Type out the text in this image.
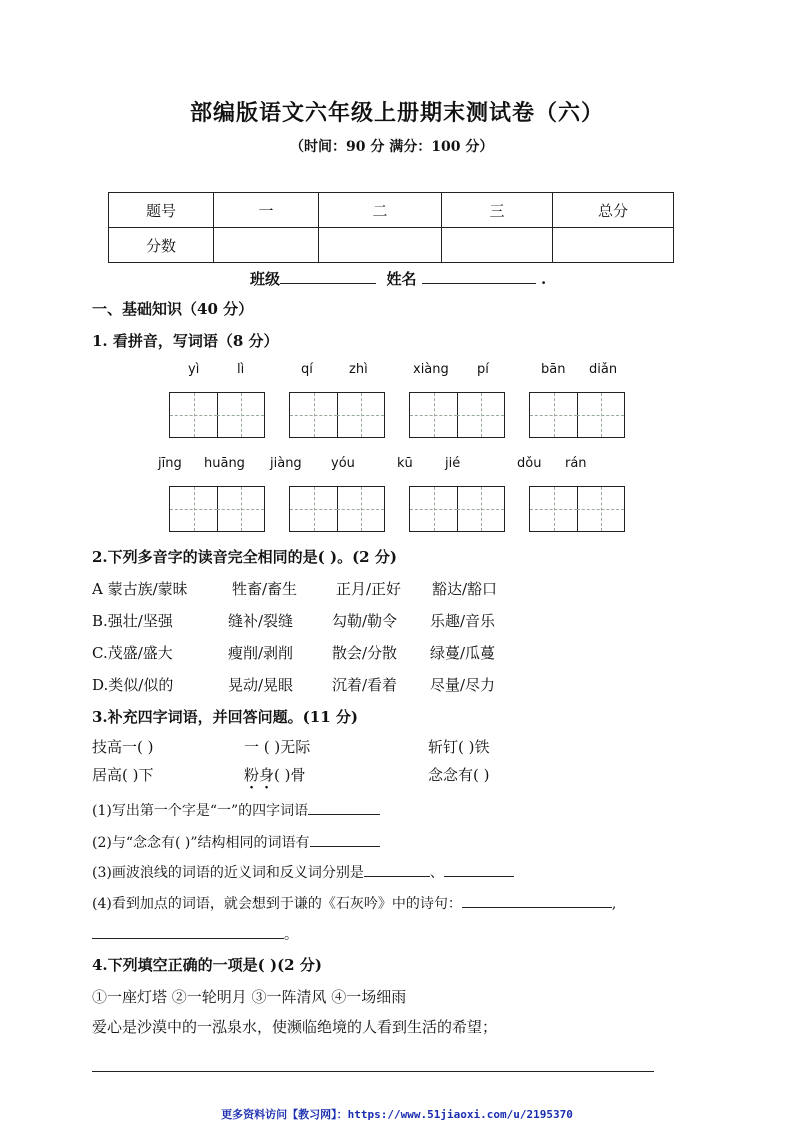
部编版语文六年级上册期末测试卷（六）
（时间：90 分 满分：100 分）
题号	一	二	三	总分
分数				
班级	姓名	.
一、基础知识（40 分）
1. 看拼音，写词语（8 分）
yì	lì	qí	zhì	xiàng pí	bān diǎn
jīng huāng jiàng yóu	kū jié	dǒu rán
2.下列多音字的读音完全相同的是( )。(2 分)
A 蒙古族/蒙昧	牲畜/畜生	正月/正好 豁达/豁口
B.强壮/坚强	缝补/裂缝	勾勒/勒令 乐趣/音乐
C.茂盛/盛大	瘦削/剥削	散会/分散 绿蔓/瓜蔓
D.类似/似的	晃动/晃眼	沉着/看着 尽量/尽力
3.补充四字词语，并回答问题。(11 分)
技高一( )	一 ( )无际	斩钉( )铁
居高( )下	粉身( )骨	念念有( )
(1)写出第一个字是“一”的四字词语
(2)与“念念有( )”结构相同的词语有
(3)画波浪线的词语的近义词和反义词分别是	、
(4)看到加点的词语，就会想到于谦的《石灰吟》中的诗句：	,
。
4.下列填空正确的一项是( )(2 分)
①一座灯塔 ②一轮明月 ③一阵清风 ④一场细雨
爱心是沙漠中的一泓泉水，使濒临绝境的人看到生活的希望；
更多资料访问【教习网】：https://www.51jiaoxi.com/u/2195370
